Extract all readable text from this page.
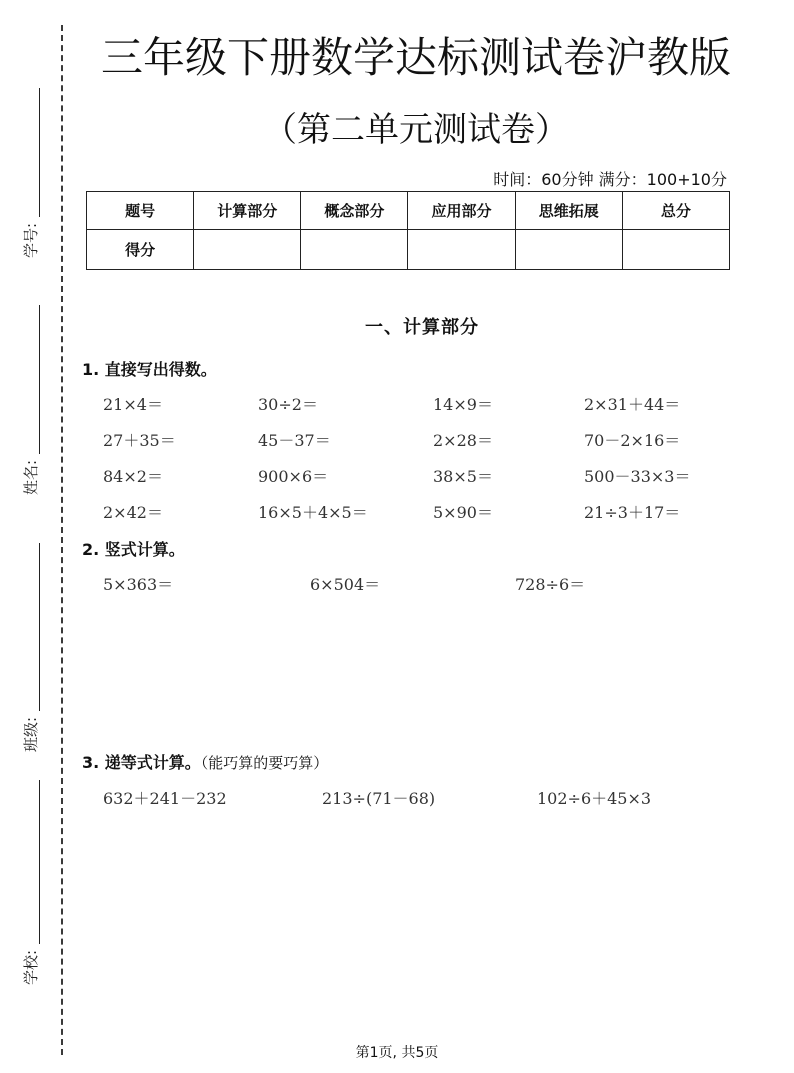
学号:
姓名:
班级:
学校:
三年级下册数学达标测试卷沪教版
（第二单元测试卷）
时间：60分钟 满分：100+10分
题号	计算部分	概念部分	应用部分	思维拓展	总分
得分					
一、计算部分
1. 直接写出得数。
21×4＝	30÷2＝	14×9＝	2×31＋44＝
27＋35＝	45－37＝	2×28＝	70－2×16＝
84×2＝	900×6＝	38×5＝	500－33×3＝
2×42＝	16×5＋4×5＝	5×90＝	21÷3＋17＝
2. 竖式计算。
5×363＝	6×504＝	728÷6＝
3. 递等式计算。（能巧算的要巧算）
632＋241－232	213÷(71－68)	102÷6＋45×3
第1页, 共5页
